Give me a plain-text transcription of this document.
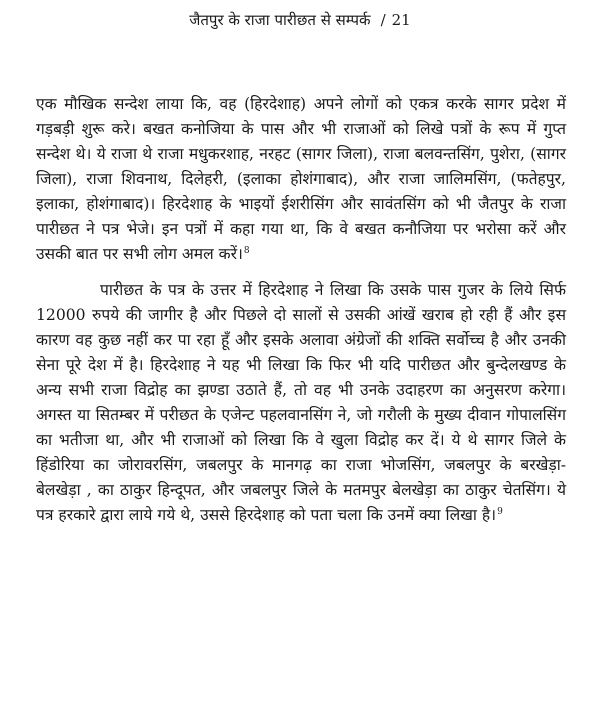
जैतपुर के राजा पारीछत से सम्पर्क / 21

एक मौखिक सन्देश लाया कि, वह (हिरदेशाह) अपने लोगों को एकत्र करके सागर प्रदेश में गड़बड़ी शुरू करे। बखत कनोजिया के पास और भी राजाओं को लिखे पत्रों के रूप में गुप्त सन्देश थे। ये राजा थे राजा मधुकरशाह, नरहट (सागर जिला), राजा बलवन्तसिंग, पुशेरा, (सागर जिला), राजा शिवनाथ, दिलेहरी, (इलाका होशंगाबाद), और राजा जालिमसिंग, (फतेहपुर, इलाका, होशंगाबाद)। हिरदेशाह के भाइयों ईशरीसिंग और सावंतसिंग को भी जैतपुर के राजा पारीछत ने पत्र भेजे। इन पत्रों में कहा गया था, कि वे बखत कनौजिया पर भरोसा करें और उसकी बात पर सभी लोग अमल करें।$^8$

पारीछत के पत्र के उत्तर में हिरदेशाह ने लिखा कि उसके पास गुजर के लिये सिर्फ 12000 रुपये की जागीर है और पिछले दो सालों से उसकी आंखें खराब हो रही हैं और इस कारण वह कुछ नहीं कर पा रहा हूँ और इसके अलावा अंग्रेजों की शक्ति सर्वोच्च है और उनकी सेना पूरे देश में है। हिरदेशाह ने यह भी लिखा कि फिर भी यदि पारीछत और बुन्देलखण्ड के अन्य सभी राजा विद्रोह का झण्डा उठाते हैं, तो वह भी उनके उदाहरण का अनुसरण करेगा। अगस्त या सितम्बर में परीछत के एजेन्ट पहलवानसिंग ने, जो गरौली के मुख्य दीवान गोपालसिंग का भतीजा था, और भी राजाओं को लिखा कि वे खुला विद्रोह कर दें। ये थे सागर जिले के हिंडोरिया का जोरावरसिंग, जबलपुर के मानगढ़ का राजा भोजसिंग, जबलपुर के बरखेड़ा-बेलखेड़ा , का ठाकुर हिन्दूपत, और जबलपुर जिले के मतमपुर बेलखेड़ा का ठाकुर चेतसिंग। ये पत्र हरकारे द्वारा लाये गये थे, उससे हिरदेशाह को पता चला कि उनमें क्या लिखा है।$^9$
